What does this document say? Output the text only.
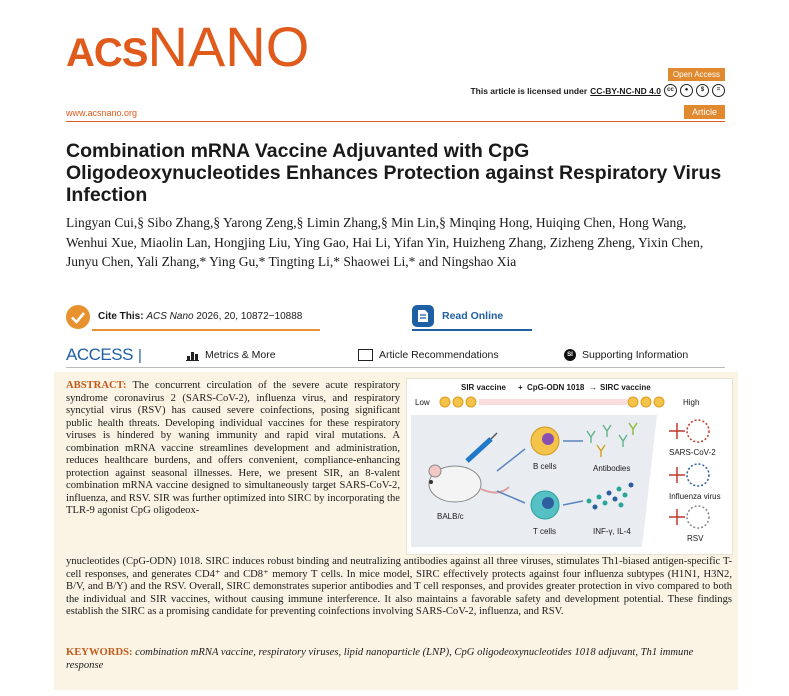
ACSNANO	Open Access
This article is licensed under CC-BY-NC-ND 4.0	cc	●	$	=
www.acsnano.org	Article
Combination mRNA Vaccine Adjuvanted with CpG Oligodeoxynucleotides Enhances Protection against Respiratory Virus Infection
Lingyan Cui,§ Sibo Zhang,§ Yarong Zeng,§ Limin Zhang,§ Min Lin,§ Minqing Hong, Huiqing Chen, Hong Wang, Wenhui Xue, Miaolin Lan, Hongjing Liu, Ying Gao, Hai Li, Yifan Yin, Huizheng Zhang, Zizheng Zheng, Yixin Chen, Junyu Chen, Yali Zhang,* Ying Gu,* Tingting Li,* Shaowei Li,* and Ningshao Xia
Cite This: ACS Nano 2026, 20, 10872−10888	Read Online
ACCESS |	Metrics & More	Article Recommendations	SI Supporting Information
ABSTRACT: The concurrent circulation of the severe acute respiratory syndrome coronavirus 2 (SARS-CoV-2), influenza virus, and respiratory syncytial virus (RSV) has caused severe coinfections, posing significant public health threats. Developing individual vaccines for these respiratory viruses is hindered by waning immunity and rapid viral mutations. A combination mRNA vaccine streamlines development and administration, reduces healthcare burdens, and offers convenient, compliance-enhancing protection against seasonal illnesses. Here, we present SIR, an 8-valent combination mRNA vaccine designed to simultaneously target SARS-CoV-2, influenza, and RSV. SIR was further optimized into SIRC by incorporating the TLR-9 agonist CpG oligodeox-
SIR vaccine + CpG-ODN 1018 → SIRC vaccine
Low	High
BALB/c
B cells
T cells
Antibodies
INF-γ, IL-4
SARS-CoV-2
Influenza virus
RSV
ynucleotides (CpG-ODN) 1018. SIRC induces robust binding and neutralizing antibodies against all three viruses, stimulates Th1-biased antigen-specific T-cell responses, and generates CD4⁺ and CD8⁺ memory T cells. In mice model, SIRC effectively protects against four influenza subtypes (H1N1, H3N2, B/V, and B/Y) and the RSV. Overall, SIRC demonstrates superior antibodies and T cell responses, and provides greater protection in vivo compared to both the individual and SIR vaccines, without causing immune interference. It also maintains a favorable safety and development potential. These findings establish the SIRC as a promising candidate for preventing coinfections involving SARS-CoV-2, influenza, and RSV.
KEYWORDS: combination mRNA vaccine, respiratory viruses, lipid nanoparticle (LNP), CpG oligodeoxynucleotides 1018 adjuvant, Th1 immune response
